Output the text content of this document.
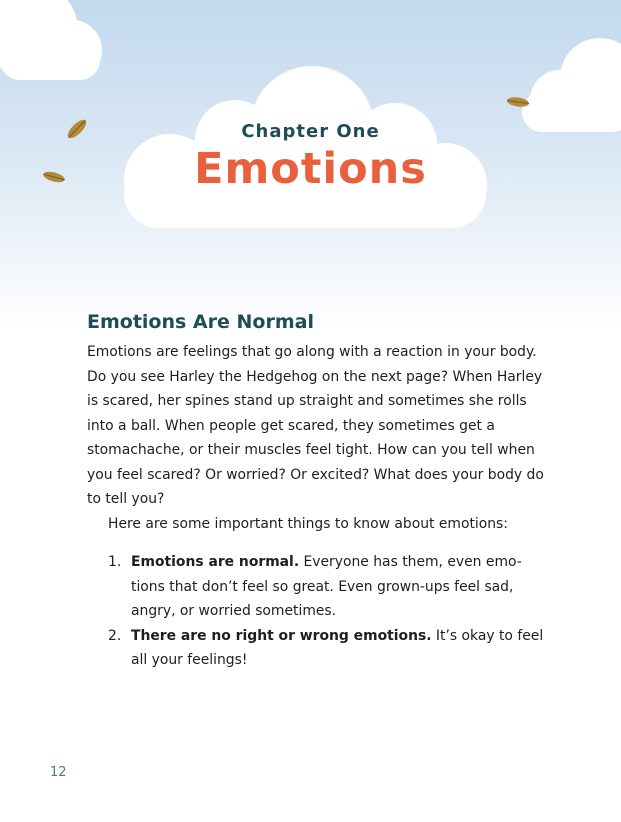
Chapter One

Emotions
Emotions Are Normal

Emotions are feelings that go along with a reaction in your body. Do you see Harley the Hedgehog on the next page? When Harley is scared, her spines stand up straight and sometimes she rolls into a ball. When people get scared, they sometimes get a stomachache, or their muscles feel tight. How can you tell when you feel scared? Or worried? Or excited? What does your body do to tell you?

Here are some important things to know about emotions:

1. Emotions are normal. Everyone has them, even emo-tions that don’t feel so great. Even grown-ups feel sad, angry, or worried sometimes.
2. There are no right or wrong emotions. It’s okay to feel all your feelings!
12
